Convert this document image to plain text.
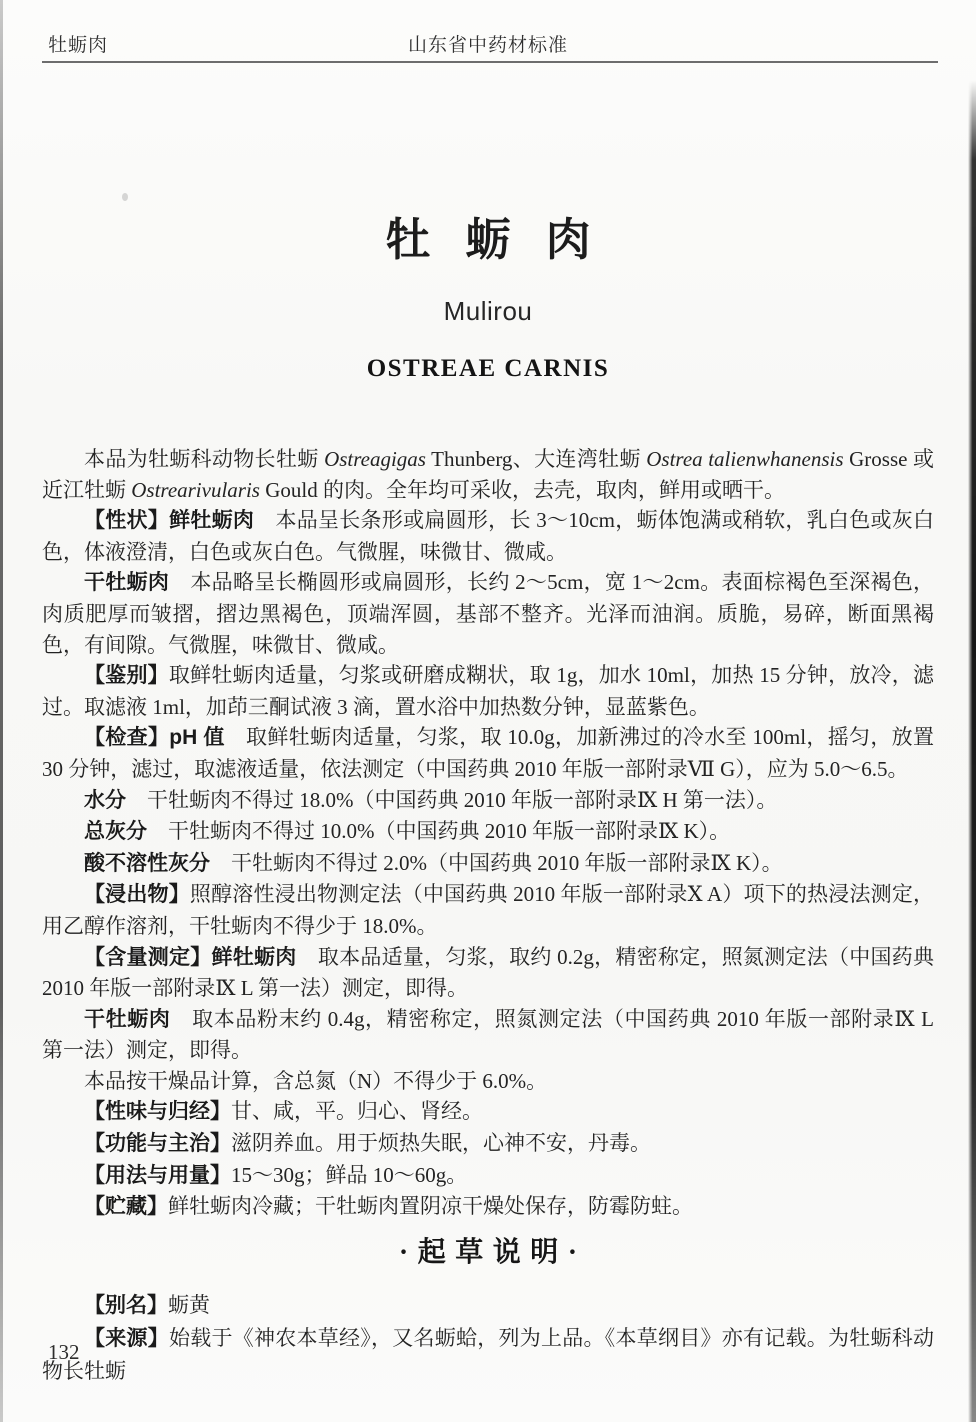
牡蛎肉	山东省中药材标准
牡蛎肉
Mulirou
OSTREAE CARNIS

本品为牡蛎科动物长牡蛎 Ostreagigas Thunberg、大连湾牡蛎 Ostrea talienwhanensis Grosse 或近江牡蛎 Ostrearivularis Gould 的肉。全年均可采收，去壳，取肉，鲜用或晒干。

【性状】鲜牡蛎肉　本品呈长条形或扁圆形，长 3～10cm，蛎体饱满或稍软，乳白色或灰白色，体液澄清，白色或灰白色。气微腥，味微甘、微咸。

干牡蛎肉　本品略呈长椭圆形或扁圆形，长约 2～5cm，宽 1～2cm。表面棕褐色至深褐色，肉质肥厚而皱摺，摺边黑褐色，顶端浑圆，基部不整齐。光泽而油润。质脆，易碎，断面黑褐色，有间隙。气微腥，味微甘、微咸。

【鉴别】取鲜牡蛎肉适量，匀浆或研磨成糊状，取 1g，加水 10ml，加热 15 分钟，放冷，滤过。取滤液 1ml，加茚三酮试液 3 滴，置水浴中加热数分钟，显蓝紫色。

【检查】pH 值　取鲜牡蛎肉适量，匀浆，取 10.0g，加新沸过的冷水至 100ml，摇匀，放置 30 分钟，滤过，取滤液适量，依法测定（中国药典 2010 年版一部附录Ⅶ G），应为 5.0～6.5。

水分　干牡蛎肉不得过 18.0%（中国药典 2010 年版一部附录Ⅸ H 第一法）。

总灰分　干牡蛎肉不得过 10.0%（中国药典 2010 年版一部附录Ⅸ K）。

酸不溶性灰分　干牡蛎肉不得过 2.0%（中国药典 2010 年版一部附录Ⅸ K）。

【浸出物】照醇溶性浸出物测定法（中国药典 2010 年版一部附录Ⅹ A）项下的热浸法测定，用乙醇作溶剂，干牡蛎肉不得少于 18.0%。

【含量测定】鲜牡蛎肉　取本品适量，匀浆，取约 0.2g，精密称定，照氮测定法（中国药典 2010 年版一部附录Ⅸ L 第一法）测定，即得。

干牡蛎肉　取本品粉末约 0.4g，精密称定，照氮测定法（中国药典 2010 年版一部附录Ⅸ L 第一法）测定，即得。

本品按干燥品计算，含总氮（N）不得少于 6.0%。

【性味与归经】甘、咸，平。归心、肾经。

【功能与主治】滋阴养血。用于烦热失眠，心神不安，丹毒。

【用法与用量】15～30g；鲜品 10～60g。

【贮藏】鲜牡蛎肉冷藏；干牡蛎肉置阴凉干燥处保存，防霉防蛀。

·起草说明·

【别名】蛎黄

【来源】始载于《神农本草经》，又名蛎蛤，列为上品。《本草纲目》亦有记载。为牡蛎科动物长牡蛎

132
